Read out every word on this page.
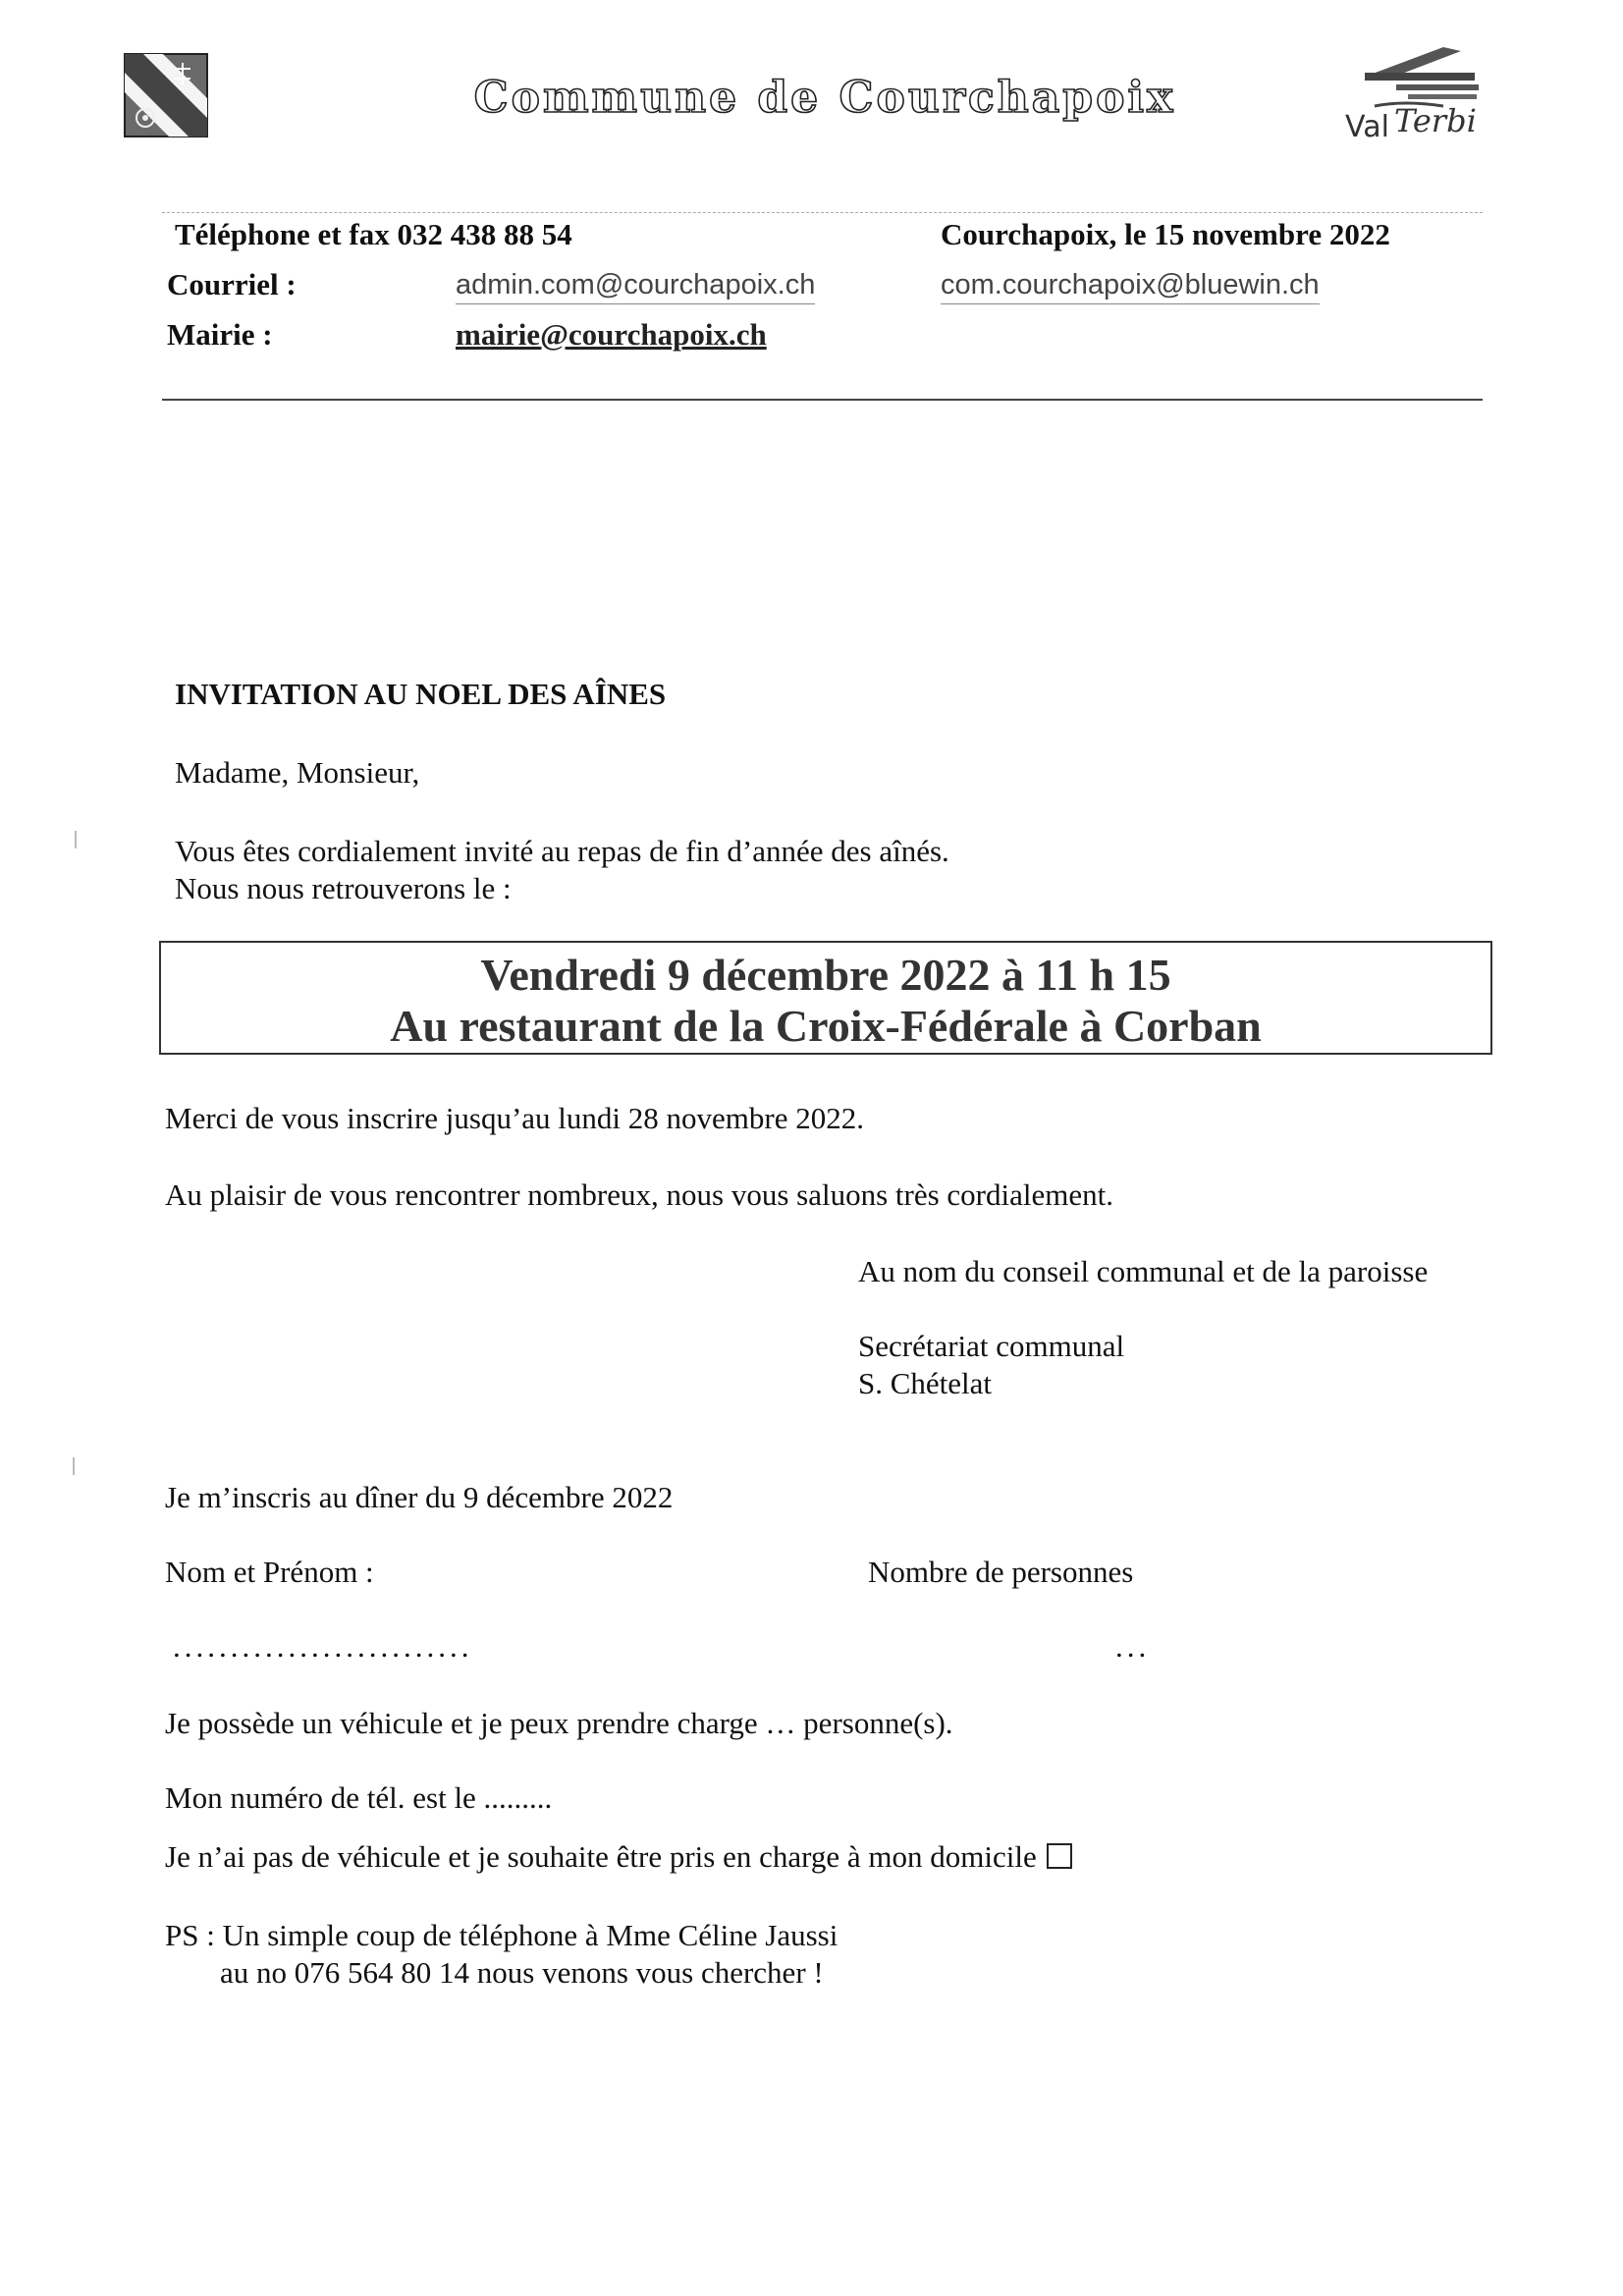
Commune de Courchapoix
Val Terbi
Téléphone et fax 032 438 88 54	Courchapoix, le 15 novembre 2022
Courriel :	admin.com@courchapoix.ch	com.courchapoix@bluewin.ch
Mairie :	mairie@courchapoix.ch
INVITATION AU NOEL DES AÎNES
Madame, Monsieur,
Vous êtes cordialement invité au repas de fin d’année des aînés.
Nous nous retrouverons le :
Vendredi 9 décembre 2022 à 11 h 15
Au restaurant de la Croix-Fédérale à Corban
Merci de vous inscrire jusqu’au lundi 28 novembre 2022.
Au plaisir de vous rencontrer nombreux, nous vous saluons très cordialement.
Au nom du conseil communal et de la paroisse
Secrétariat communal
S. Chételat
Je m’inscris au dîner du 9 décembre 2022
Nom et Prénom :	Nombre de personnes
..........................	...
Je possède un véhicule et je peux prendre charge … personne(s).
Mon numéro de tél. est le .........
Je n’ai pas de véhicule et je souhaite être pris en charge à mon domicile
PS : Un simple coup de téléphone à Mme Céline Jaussi
au no 076 564 80 14 nous venons vous chercher !
